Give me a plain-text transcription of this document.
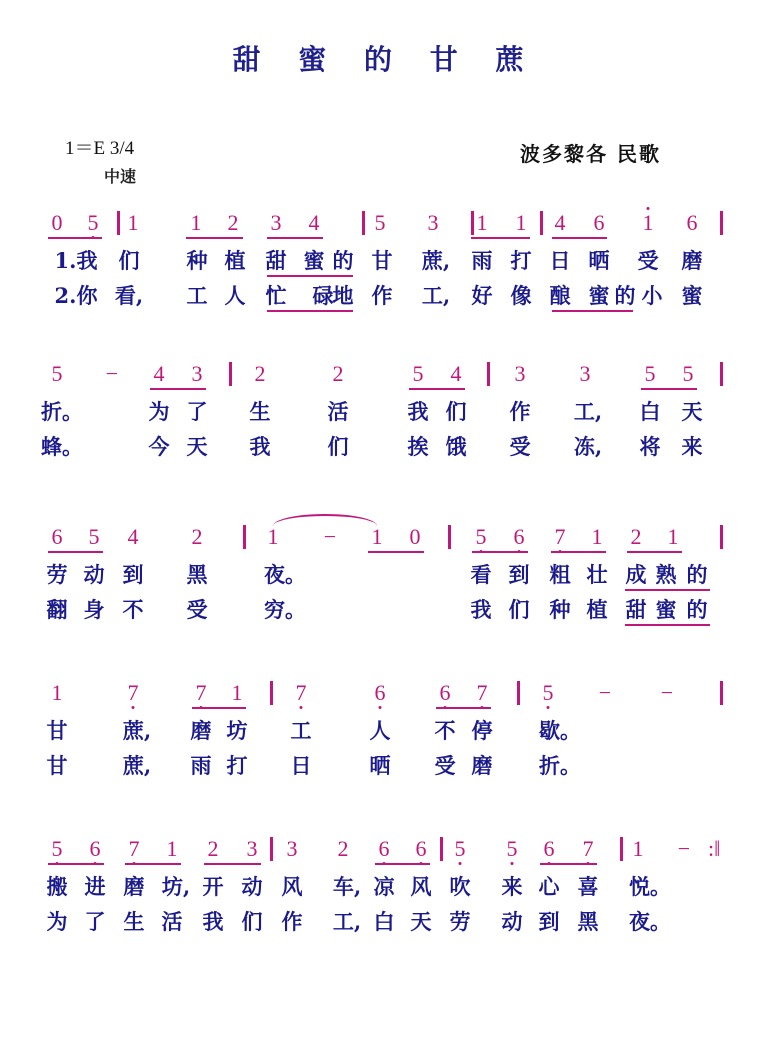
甜 蜜 的 甘 蔗
1＝E 3/4
中速
波多黎各 民歌
0 5 1 1 2 3 4	5 3 1 1 4 6 1 6
1.我 们 种 植 甜 蜜 的 甘 蔗, 雨 打 日 晒 受 磨
2.你 看, 工 人 忙 碌 地 作 工, 好 像 酿 蜜 的 小 蜜
5 − 4 3 2	2	5 4 3 3 5 5
折。	为 了 生	活	我 们 作 工, 白 天
蜂。	今 天 我	们	挨 饿 受 冻, 将 来
6 5 4 2	1 − 1 0	5 6 7 1 2 1
劳 动 到 黑	夜。	看 到 粗 壮 成 熟 的
翻 身 不 受	穷。	我 们 种 植 甜 蜜 的
1	7	7 1 7	6 6 7	5 − −
甘	蔗, 磨 坊 工	人 不 停 歇。
甘	蔗, 雨 打 日	晒 受 磨 折。
5 6 7 1 2 3 3 2 6 6 5 5 6 7 1 −
搬 进 磨 坊, 开 动 风 车, 凉 风 吹 来 心 喜 悦。
为 了 生 活 我 们 作 工, 白 天 劳 动 到 黑 夜。
:‖
